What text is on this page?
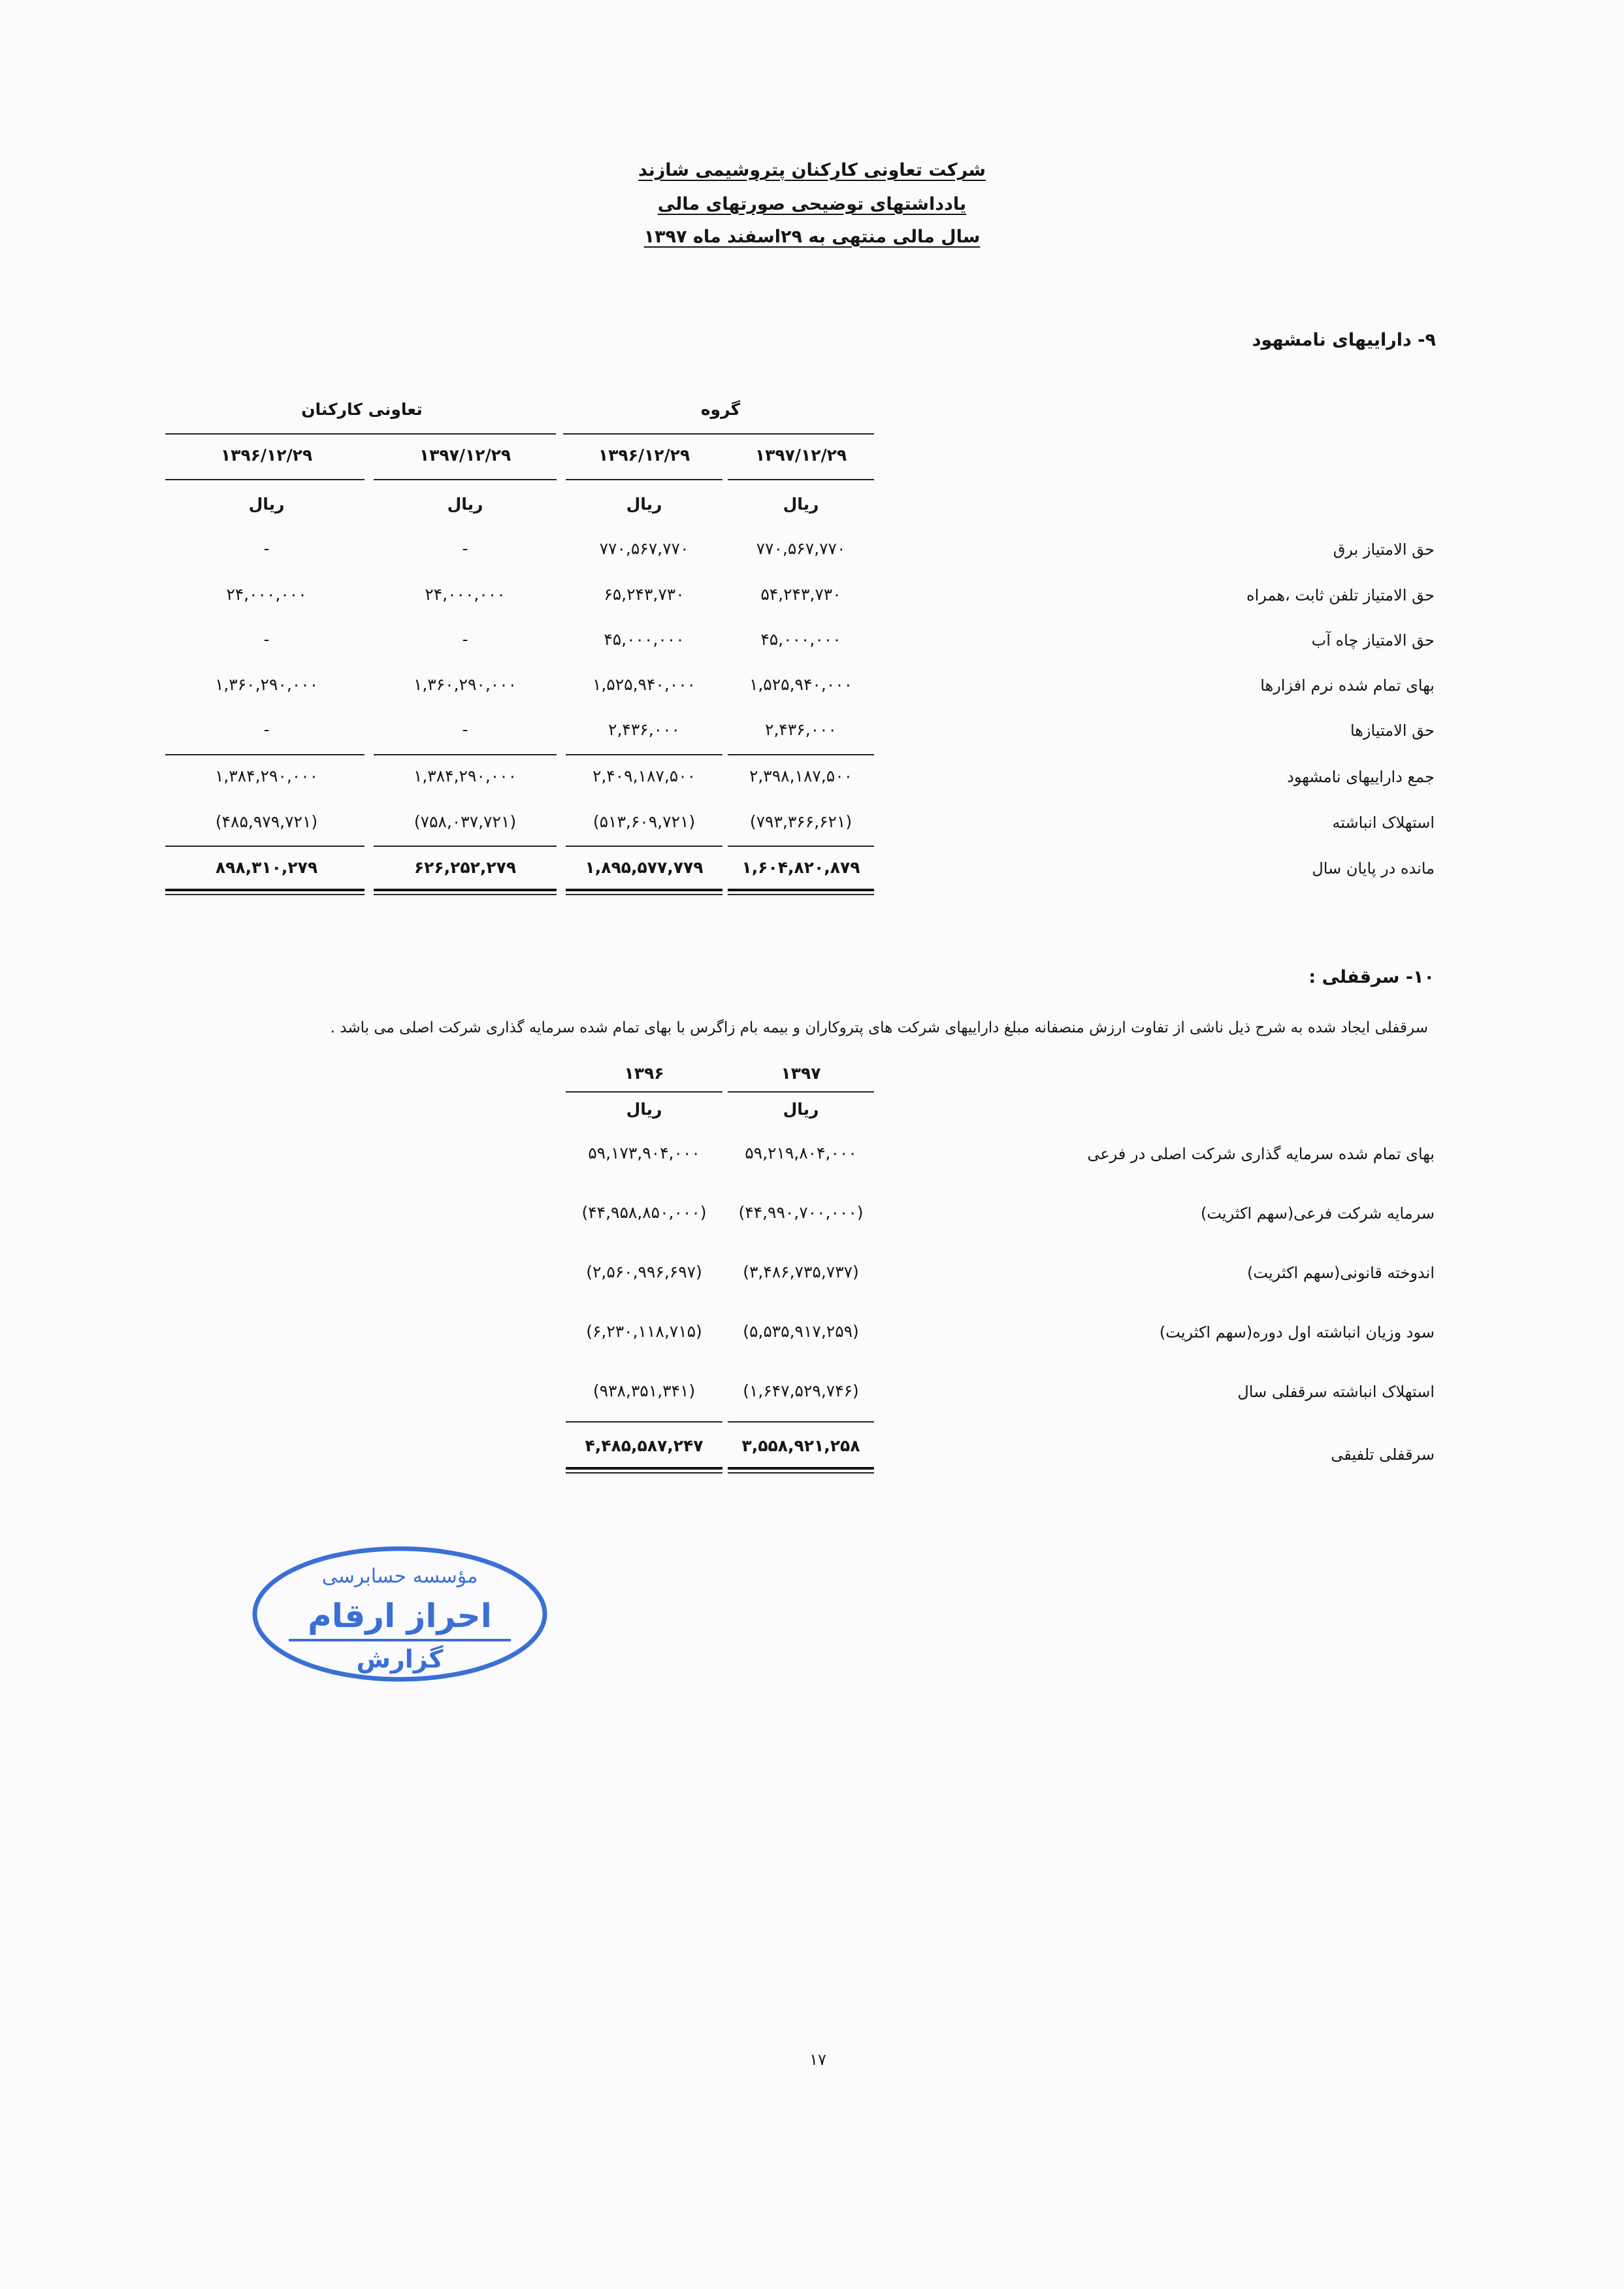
شرکت تعاونی کارکنان پتروشیمی شازند
یادداشتهای توضیحی صورتهای مالی
سال مالی منتهی به ۲۹اسفند ماه ۱۳۹۷
۹- داراییهای نامشهود
گروه
تعاونی کارکنان
۱۳۹۷/۱۲/۲۹
۱۳۹۶/۱۲/۲۹
۱۳۹۷/۱۲/۲۹
۱۳۹۶/۱۲/۲۹
ریال
ریال
ریال
ریال
حق الامتیاز برق
۷۷۰,۵۶۷,۷۷۰
۷۷۰,۵۶۷,۷۷۰
-
-
حق الامتیاز تلفن ثابت ،همراه
۵۴,۲۴۳,۷۳۰
۶۵,۲۴۳,۷۳۰
۲۴,۰۰۰,۰۰۰
۲۴,۰۰۰,۰۰۰
حق الامتیاز چاه آب
۴۵,۰۰۰,۰۰۰
۴۵,۰۰۰,۰۰۰
-
-
بهای تمام شده نرم افزارها
۱,۵۲۵,۹۴۰,۰۰۰
۱,۵۲۵,۹۴۰,۰۰۰
۱,۳۶۰,۲۹۰,۰۰۰
۱,۳۶۰,۲۹۰,۰۰۰
حق الامتیازها
۲,۴۳۶,۰۰۰
۲,۴۳۶,۰۰۰
-
-
جمع داراییهای نامشهود
۲,۳۹۸,۱۸۷,۵۰۰
۲,۴۰۹,۱۸۷,۵۰۰
۱,۳۸۴,۲۹۰,۰۰۰
۱,۳۸۴,۲۹۰,۰۰۰
استهلاک انباشته
(۷۹۳,۳۶۶,۶۲۱)
(۵۱۳,۶۰۹,۷۲۱)
(۷۵۸,۰۳۷,۷۲۱)
(۴۸۵,۹۷۹,۷۲۱)
مانده در پایان سال
۱,۶۰۴,۸۲۰,۸۷۹
۱,۸۹۵,۵۷۷,۷۷۹
۶۲۶,۲۵۲,۲۷۹
۸۹۸,۳۱۰,۲۷۹
۱۰- سرقفلی :
سرقفلی ایجاد شده به شرح ذیل ناشی از تفاوت ارزش منصفانه مبلغ داراییهای شرکت های پتروکاران و بیمه بام زاگرس با بهای تمام شده سرمایه گذاری شرکت اصلی می باشد .
۱۳۹۷
۱۳۹۶
ریال
ریال
بهای تمام شده سرمایه گذاری شرکت اصلی در فرعی
۵۹,۲۱۹,۸۰۴,۰۰۰
۵۹,۱۷۳,۹۰۴,۰۰۰
سرمایه شرکت فرعی(سهم اکثریت)
(۴۴,۹۹۰,۷۰۰,۰۰۰)
(۴۴,۹۵۸,۸۵۰,۰۰۰)
اندوخته قانونی(سهم اکثریت)
(۳,۴۸۶,۷۳۵,۷۳۷)
(۲,۵۶۰,۹۹۶,۶۹۷)
سود وزیان انباشته اول دوره(سهم اکثریت)
(۵,۵۳۵,۹۱۷,۲۵۹)
(۶,۲۳۰,۱۱۸,۷۱۵)
استهلاک انباشته سرقفلی سال
(۱,۶۴۷,۵۲۹,۷۴۶)
(۹۳۸,۳۵۱,۳۴۱)
سرقفلی تلفیقی
۳,۵۵۸,۹۲۱,۲۵۸
۴,۴۸۵,۵۸۷,۲۴۷
مؤسسه حسابرسی
احراز ارقام
گزارش
۱۷
